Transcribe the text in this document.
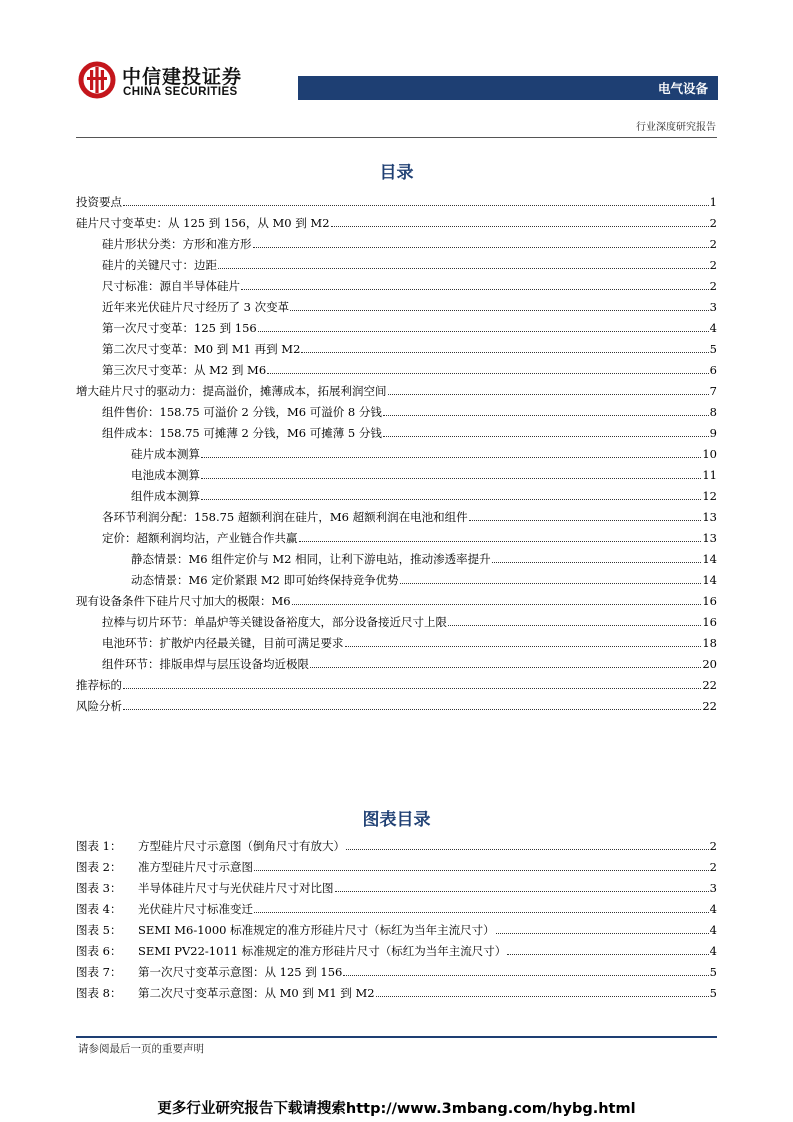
中信建投证券
CHINA SECURITIES	电气设备
行业深度研究报告
目录
投资要点	1
硅片尺寸变革史：从 125 到 156，从 M0 到 M2	2
硅片形状分类：方形和准方形	2
硅片的关键尺寸：边距	2
尺寸标准：源自半导体硅片	2
近年来光伏硅片尺寸经历了 3 次变革	3
第一次尺寸变革：125 到 156	4
第二次尺寸变革：M0 到 M1 再到 M2	5
第三次尺寸变革：从 M2 到 M6	6
增大硅片尺寸的驱动力：提高溢价，摊薄成本，拓展利润空间	7
组件售价：158.75 可溢价 2 分钱，M6 可溢价 8 分钱	8
组件成本：158.75 可摊薄 2 分钱，M6 可摊薄 5 分钱	9
硅片成本测算	10
电池成本测算	11
组件成本测算	12
各环节利润分配：158.75 超额利润在硅片，M6 超额利润在电池和组件	13
定价：超额利润均沾，产业链合作共赢	13
静态情景：M6 组件定价与 M2 相同，让利下游电站，推动渗透率提升	14
动态情景：M6 定价紧跟 M2 即可始终保持竞争优势	14
现有设备条件下硅片尺寸加大的极限：M6	16
拉棒与切片环节：单晶炉等关键设备裕度大，部分设备接近尺寸上限	16
电池环节：扩散炉内径最关键，目前可满足要求	18
组件环节：排版串焊与层压设备均近极限	20
推荐标的	22
风险分析	22
图表目录
图表 1： 方型硅片尺寸示意图（倒角尺寸有放大）	2
图表 2： 准方型硅片尺寸示意图	2
图表 3： 半导体硅片尺寸与光伏硅片尺寸对比图	3
图表 4： 光伏硅片尺寸标准变迁	4
图表 5： SEMI M6-1000 标准规定的准方形硅片尺寸（标红为当年主流尺寸）	4
图表 6： SEMI PV22-1011 标准规定的准方形硅片尺寸（标红为当年主流尺寸）	4
图表 7： 第一次尺寸变革示意图：从 125 到 156	5
图表 8： 第二次尺寸变革示意图：从 M0 到 M1 到 M2	5
请参阅最后一页的重要声明
更多行业研究报告下载请搜索http://www.3mbang.com/hybg.html
